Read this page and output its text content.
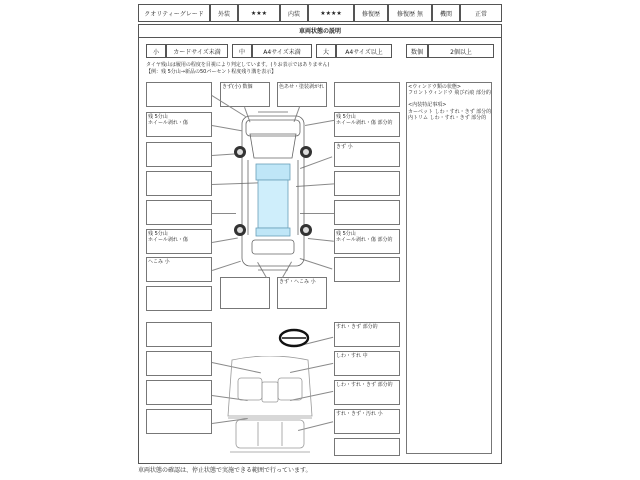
クオリティーグレード	外装	★★★	内装	★★★★	修復歴	修復歴 無	機関	正常
車両状態の説明
小	カードサイズ未満	中	A4サイズ未満	大	A4サイズ以上	数個	2個以上
タイヤ残山は履用の程度を目視により判定しています。(りお表示ではありません)
【例：残 5分山→新品の50パーセント程度残り溝を表示】
<ウィンドウ類の状態>
フロントウィンドウ 飛び石痕 部分的
<内装特記事項>
カーペット しわ・すれ・きず 部分的
内トリム しわ・すれ・きず 部分的
きず(小) 数個	色あせ・塗装剥がれ
残 5分山
ホイール剥れ・傷
残 5分山
ホイール剥れ・傷 部分的
きず 小
残 5分山
ホイール剥れ・傷
残 5分山
ホイール剥れ・傷 部分的
へこみ 小
きず・へこみ 小
すれ・きず 部分的
しわ・すれ 中
しわ・すれ・きず 部分的
すれ・きず・汚れ 小
車両状態の確認は、停止状態で実施できる範囲で行っています。
